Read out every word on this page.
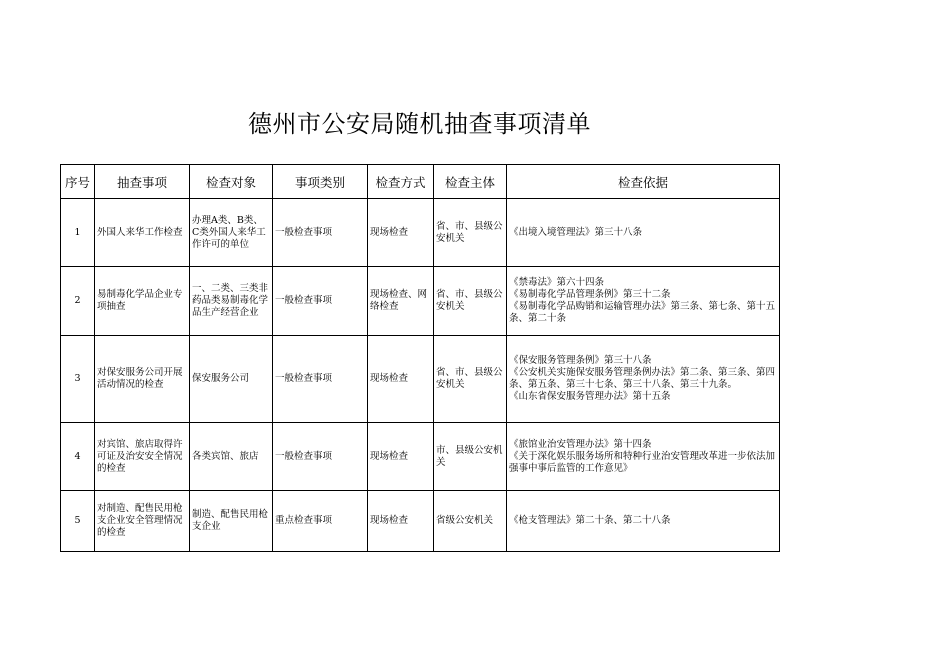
德州市公安局随机抽查事项清单
序号	抽查事项	检查对象	事项类别	检查方式	检查主体	检查依据
1	外国人来华工作检查	办理A类、B类、C类外国人来华工作许可的单位	一般检查事项	现场检查	省、市、县级公安机关	《出境入境管理法》第三十八条
2	易制毒化学品企业专项抽查	一、二类、三类非药品类易制毒化学品生产经营企业	一般检查事项	现场检查、网络检查	省、市、县级公安机关	《禁毒法》第六十四条
《易制毒化学品管理条例》第三十二条
《易制毒化学品购销和运输管理办法》第三条、第七条、第十五条、第二十条
3	对保安服务公司开展活动情况的检查	保安服务公司	一般检查事项	现场检查	省、市、县级公安机关	《保安服务管理条例》第三十八条
《公安机关实施保安服务管理条例办法》第二条、第三条、第四条、第五条、第三十七条、第三十八条、第三十九条。
《山东省保安服务管理办法》第十五条
4	对宾馆、旅店取得许可证及治安安全情况的检查	各类宾馆、旅店	一般检查事项	现场检查	市、县级公安机关	《旅馆业治安管理办法》第十四条
《关于深化娱乐服务场所和特种行业治安管理改革进一步依法加强事中事后监管的工作意见》
5	对制造、配售民用枪支企业安全管理情况的检查	制造、配售民用枪支企业	重点检查事项	现场检查	省级公安机关	《枪支管理法》第二十条、第二十八条
